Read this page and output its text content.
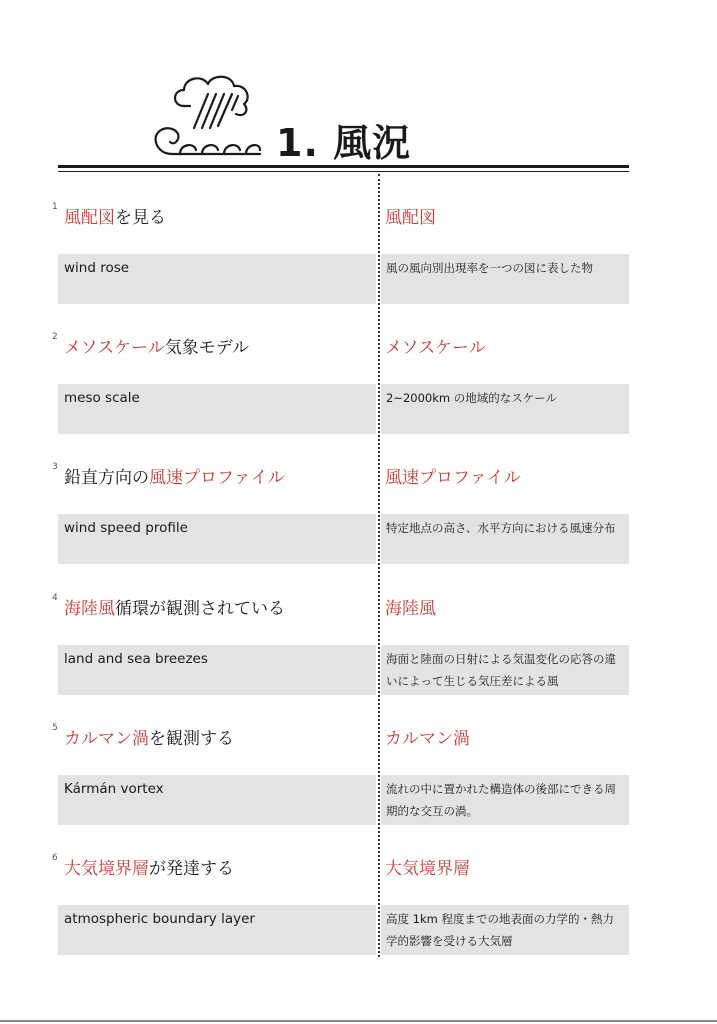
1. 風況
1
風配図を見る	風配図
wind rose	風の風向別出現率を一つの図に表した物
2
メソスケール気象モデル	メソスケール
meso scale	2~2000km の地域的なスケール
3
鉛直方向の風速プロファイル	風速プロファイル
wind speed profile	特定地点の高さ、水平方向における風速分布
4
海陸風循環が観測されている	海陸風
land and sea breezes	海面と陸面の日射による気温変化の応答の違いによって生じる気圧差による風
5
カルマン渦を観測する	カルマン渦
Kármán vortex	流れの中に置かれた構造体の後部にできる周期的な交互の渦。
6
大気境界層が発達する	大気境界層
atmospheric boundary layer	高度 1km 程度までの地表面の力学的・熱力学的影響を受ける大気層
